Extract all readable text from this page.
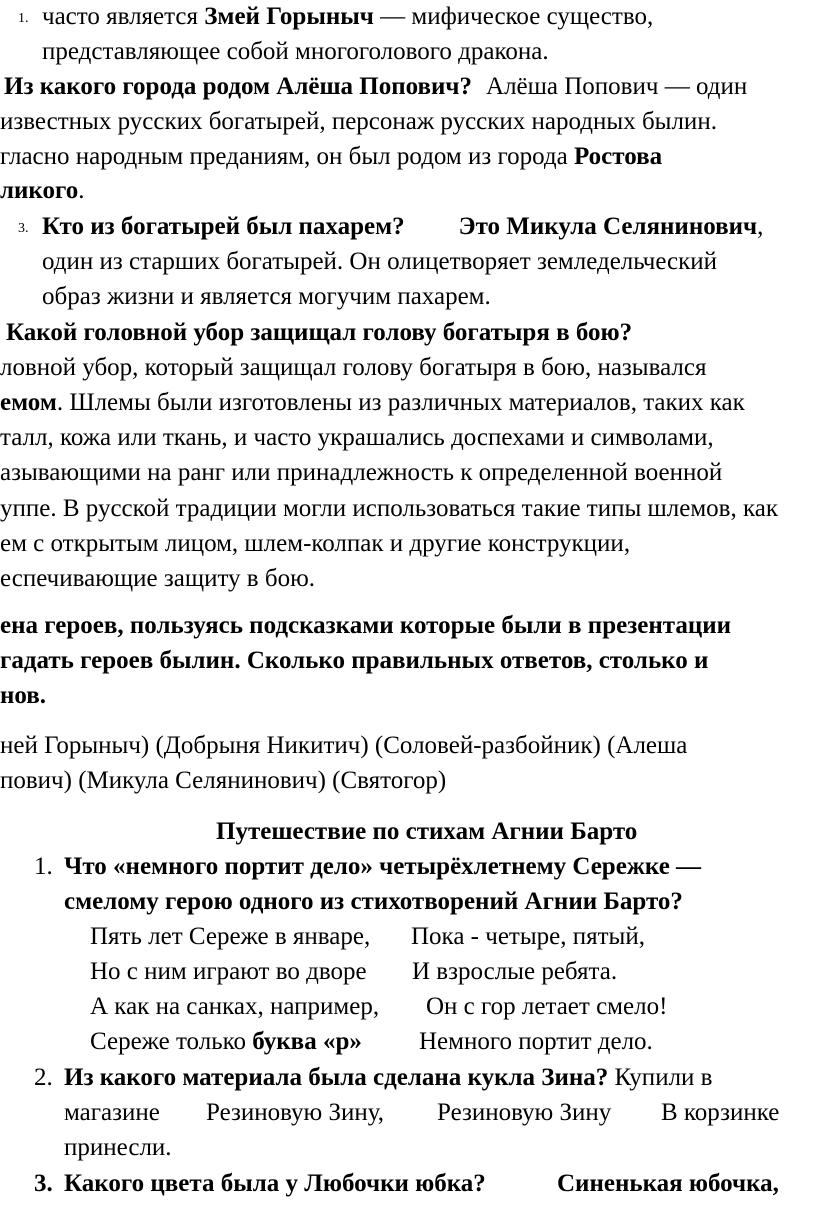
1. часто является Змей Горыныч — мифическое существо,
представляющее собой многоголового дракона.
Из какого города родом Алёша Попович? Алёша Попович — один
известных русских богатырей, персонаж русских народных былин.
гласно народным преданиям, он был родом из города Ростова
ликого.
3. Кто из богатырей был пахарем? Это Микула Селянинович,
один из старших богатырей. Он олицетворяет земледельческий
образ жизни и является могучим пахарем.
Какой головной убор защищал голову богатыря в бою?
ловной убор, который защищал голову богатыря в бою, назывался
емом. Шлемы были изготовлены из различных материалов, таких как
талл, кожа или ткань, и часто украшались доспехами и символами,
азывающими на ранг или принадлежность к определенной военной
уппе. В русской традиции могли использоваться такие типы шлемов, как
ем с открытым лицом, шлем-колпак и другие конструкции,
еспечивающие защиту в бою.
ена героев, пользуясь подсказками которые были в презентации
гадать героев былин. Сколько правильных ответов, столько и
нов.
ней Горыныч) (Добрыня Никитич) (Соловей-разбойник) (Алеша
пович) (Микула Селянинович) (Святогор)
Путешествие по стихам Агнии Барто
1. Что «немного портит дело» четырёхлетнему Сережке —
смелому герою одного из стихотворений Агнии Барто?
Пять лет Сереже в январе, Пока - четыре, пятый,
Но с ним играют во дворе И взрослые ребята.
А как на санках, например, Он с гор летает смело!
Сереже только буква «р» Немного портит дело.
2. Из какого материала была сделана кукла Зина? Купили в
магазине Резиновую Зину, Резиновую Зину В корзинке
принесли.
3. Какого цвета была у Любочки юбка?	Синенькая юбочка,
